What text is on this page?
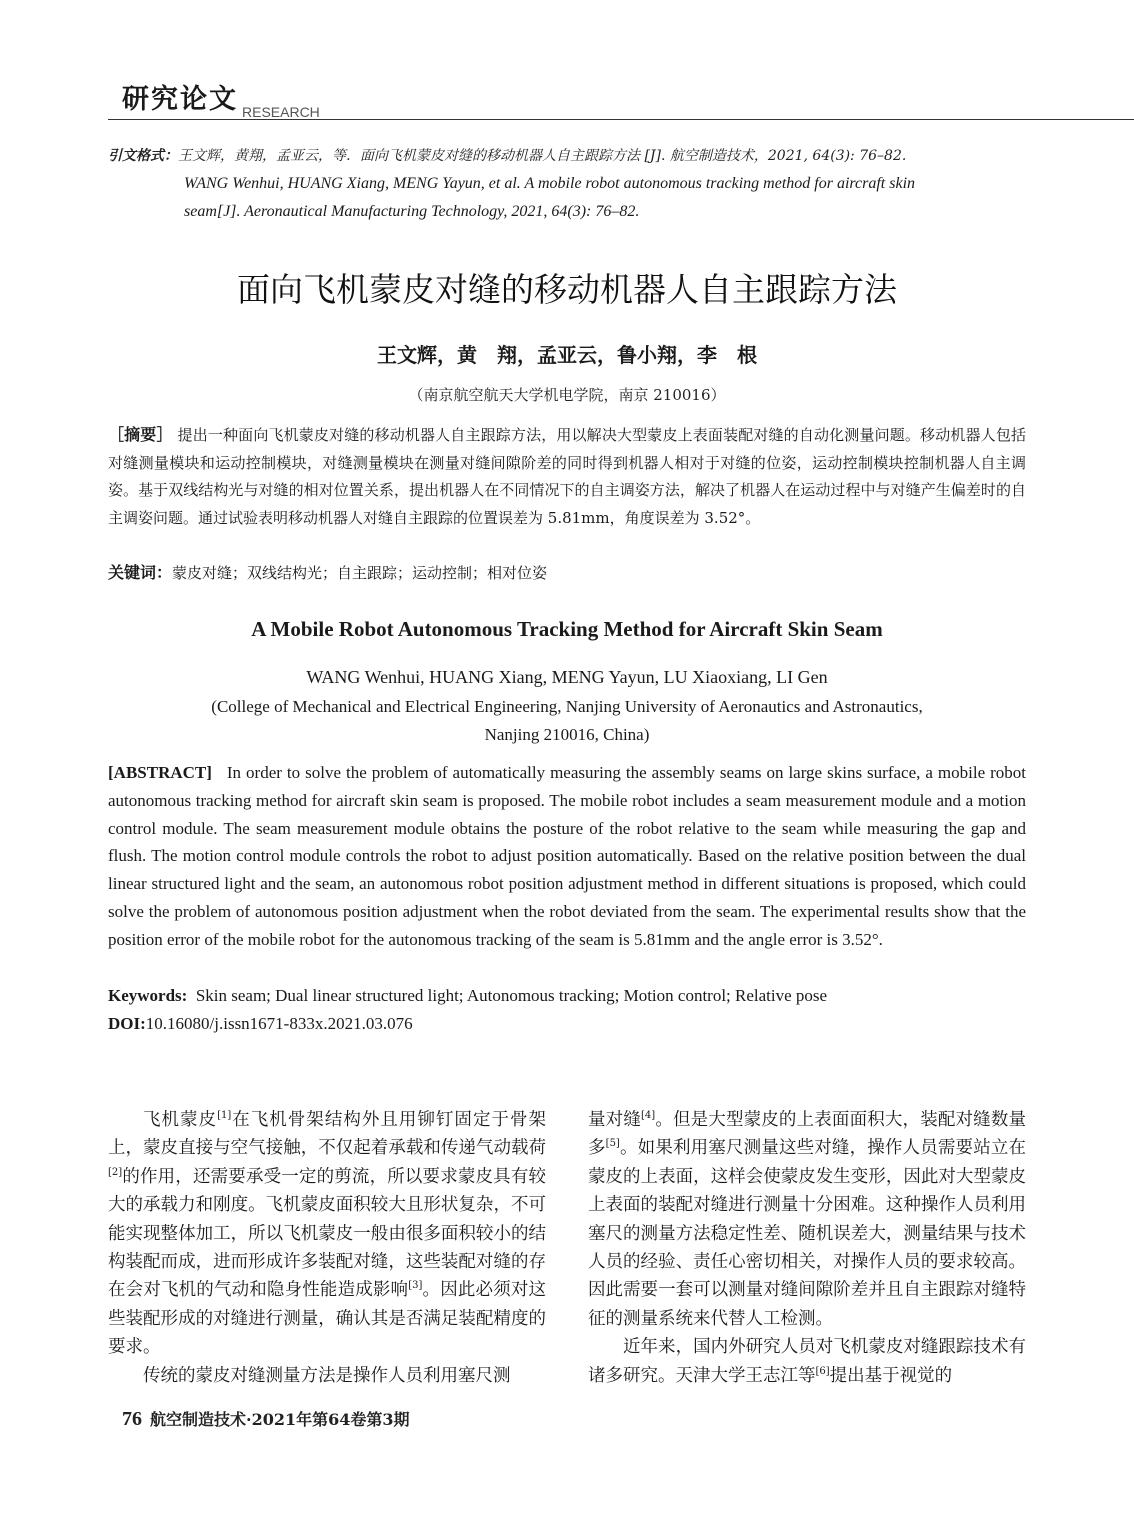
研究论文 RESEARCH
引文格式：王文辉，黄翔，孟亚云，等．面向飞机蒙皮对缝的移动机器人自主跟踪方法 [J]. 航空制造技术，2021, 64(3): 76–82.
WANG Wenhui, HUANG Xiang, MENG Yayun, et al. A mobile robot autonomous tracking method for aircraft skin
seam[J]. Aeronautical Manufacturing Technology, 2021, 64(3): 76–82.
面向飞机蒙皮对缝的移动机器人自主跟踪方法
王文辉，黄　翔，孟亚云，鲁小翔，李　根
（南京航空航天大学机电学院，南京 210016）
［摘要］ 提出一种面向飞机蒙皮对缝的移动机器人自主跟踪方法，用以解决大型蒙皮上表面装配对缝的自动化测量问题。移动机器人包括对缝测量模块和运动控制模块，对缝测量模块在测量对缝间隙阶差的同时得到机器人相对于对缝的位姿，运动控制模块控制机器人自主调姿。基于双线结构光与对缝的相对位置关系，提出机器人在不同情况下的自主调姿方法，解决了机器人在运动过程中与对缝产生偏差时的自主调姿问题。通过试验表明移动机器人对缝自主跟踪的位置误差为 5.81mm，角度误差为 3.52°。
关键词：蒙皮对缝；双线结构光；自主跟踪；运动控制；相对位姿
A Mobile Robot Autonomous Tracking Method for Aircraft Skin Seam
WANG Wenhui, HUANG Xiang, MENG Yayun, LU Xiaoxiang, LI Gen
(College of Mechanical and Electrical Engineering, Nanjing University of Aeronautics and Astronautics,
Nanjing 210016, China)
[ABSTRACT] In order to solve the problem of automatically measuring the assembly seams on large skins surface, a mobile robot autonomous tracking method for aircraft skin seam is proposed. The mobile robot includes a seam measurement module and a motion control module. The seam measurement module obtains the posture of the robot relative to the seam while measuring the gap and flush. The motion control module controls the robot to adjust position automatically. Based on the relative position between the dual linear structured light and the seam, an autonomous robot position adjustment method in different situations is proposed, which could solve the problem of autonomous position adjustment when the robot deviated from the seam. The experimental results show that the position error of the mobile robot for the autonomous tracking of the seam is 5.81mm and the angle error is 3.52°.
Keywords: Skin seam; Dual linear structured light; Autonomous tracking; Motion control; Relative pose
DOI:10.16080/j.issn1671-833x.2021.03.076

飞机蒙皮[1]在飞机骨架结构外且用铆钉固定于骨架上，蒙皮直接与空气接触，不仅起着承载和传递气动载荷[2]的作用，还需要承受一定的剪流，所以要求蒙皮具有较大的承载力和刚度。飞机蒙皮面积较大且形状复杂，不可能实现整体加工，所以飞机蒙皮一般由很多面积较小的结构装配而成，进而形成许多装配对缝，这些装配对缝的存在会对飞机的气动和隐身性能造成影响[3]。因此必须对这些装配形成的对缝进行测量，确认其是否满足装配精度的要求。

传统的蒙皮对缝测量方法是操作人员利用塞尺测

量对缝[4]。但是大型蒙皮的上表面面积大，装配对缝数量多[5]。如果利用塞尺测量这些对缝，操作人员需要站立在蒙皮的上表面，这样会使蒙皮发生变形，因此对大型蒙皮上表面的装配对缝进行测量十分困难。这种操作人员利用塞尺的测量方法稳定性差、随机误差大，测量结果与技术人员的经验、责任心密切相关，对操作人员的要求较高。因此需要一套可以测量对缝间隙阶差并且自主跟踪对缝特征的测量系统来代替人工检测。

近年来，国内外研究人员对飞机蒙皮对缝跟踪技术有诸多研究。天津大学王志江等[6]提出基于视觉的

76 航空制造技术·2021年第64卷第3期
